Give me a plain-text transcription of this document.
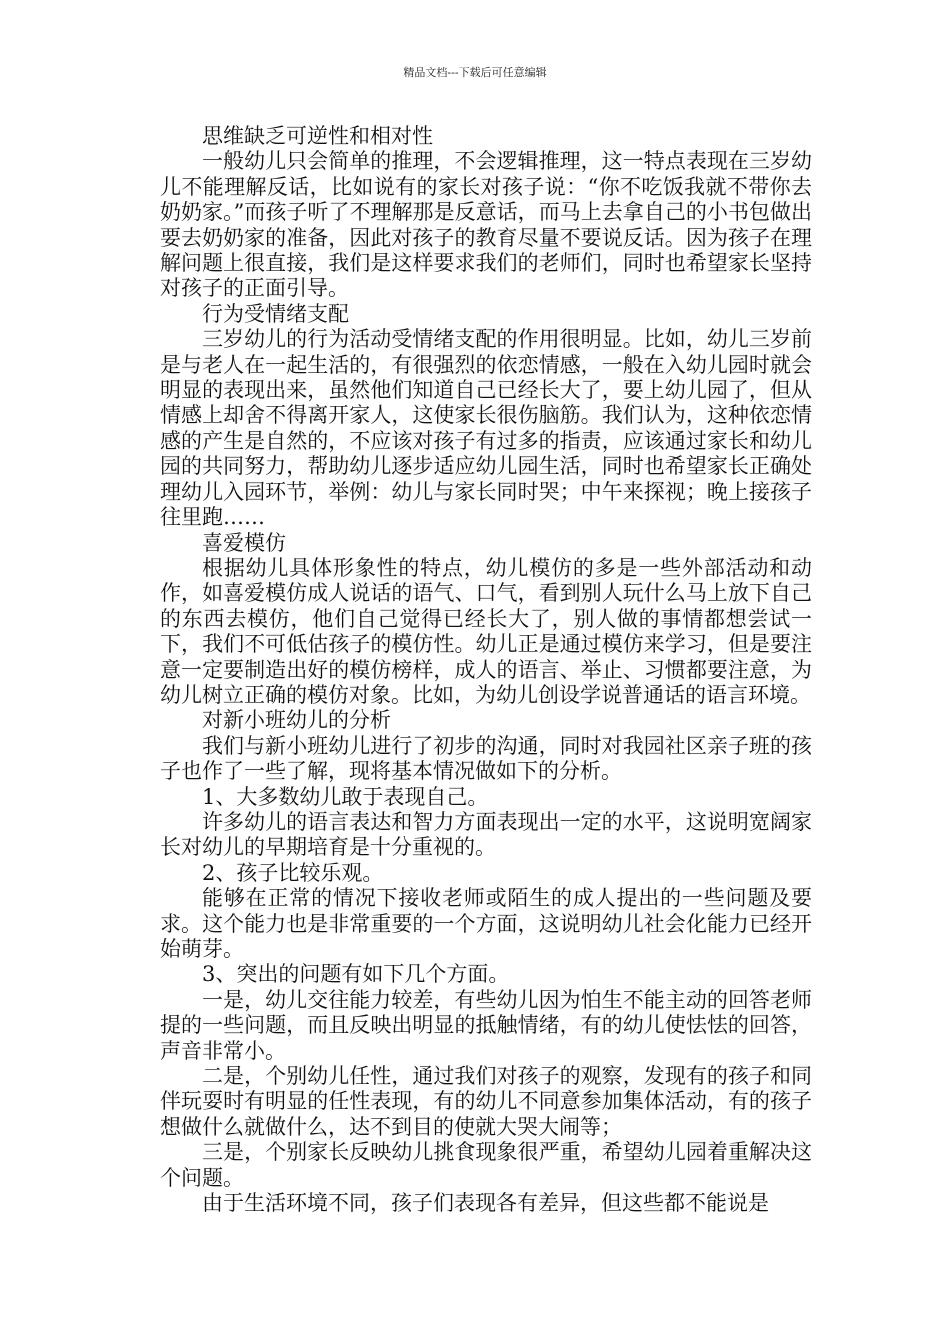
精品文档---下载后可任意编辑

思维缺乏可逆性和相对性

一般幼儿只会简单的推理，不会逻辑推理，这一特点表现在三岁幼儿不能理解反话，比如说有的家长对孩子说：“你不吃饭我就不带你去奶奶家。”而孩子听了不理解那是反意话，而马上去拿自己的小书包做出要去奶奶家的准备，因此对孩子的教育尽量不要说反话。因为孩子在理解问题上很直接，我们是这样要求我们的老师们，同时也希望家长坚持对孩子的正面引导。

行为受情绪支配

三岁幼儿的行为活动受情绪支配的作用很明显。比如，幼儿三岁前是与老人在一起生活的，有很强烈的依恋情感，一般在入幼儿园时就会明显的表现出来，虽然他们知道自己已经长大了，要上幼儿园了，但从情感上却舍不得离开家人，这使家长很伤脑筋。我们认为，这种依恋情感的产生是自然的，不应该对孩子有过多的指责，应该通过家长和幼儿园的共同努力，帮助幼儿逐步适应幼儿园生活，同时也希望家长正确处理幼儿入园环节，举例：幼儿与家长同时哭；中午来探视；晚上接孩子往里跑……

喜爱模仿

根据幼儿具体形象性的特点，幼儿模仿的多是一些外部活动和动作，如喜爱模仿成人说话的语气、口气，看到别人玩什么马上放下自己的东西去模仿，他们自己觉得已经长大了，别人做的事情都想尝试一下，我们不可低估孩子的模仿性。幼儿正是通过模仿来学习，但是要注意一定要制造出好的模仿榜样，成人的语言、举止、习惯都要注意，为幼儿树立正确的模仿对象。比如，为幼儿创设学说普通话的语言环境。

对新小班幼儿的分析

我们与新小班幼儿进行了初步的沟通，同时对我园社区亲子班的孩子也作了一些了解，现将基本情况做如下的分析。

1、大多数幼儿敢于表现自己。

许多幼儿的语言表达和智力方面表现出一定的水平，这说明宽阔家长对幼儿的早期培育是十分重视的。

2、孩子比较乐观。

能够在正常的情况下接收老师或陌生的成人提出的一些问题及要求。这个能力也是非常重要的一个方面，这说明幼儿社会化能力已经开始萌芽。

3、突出的问题有如下几个方面。

一是，幼儿交往能力较差，有些幼儿因为怕生不能主动的回答老师提的一些问题，而且反映出明显的抵触情绪，有的幼儿使怯怯的回答，声音非常小。

二是，个别幼儿任性，通过我们对孩子的观察，发现有的孩子和同伴玩耍时有明显的任性表现，有的幼儿不同意参加集体活动，有的孩子想做什么就做什么，达不到目的使就大哭大闹等；

三是，个别家长反映幼儿挑食现象很严重，希望幼儿园着重解决这个问题。

由于生活环境不同，孩子们表现各有差异，但这些都不能说是
